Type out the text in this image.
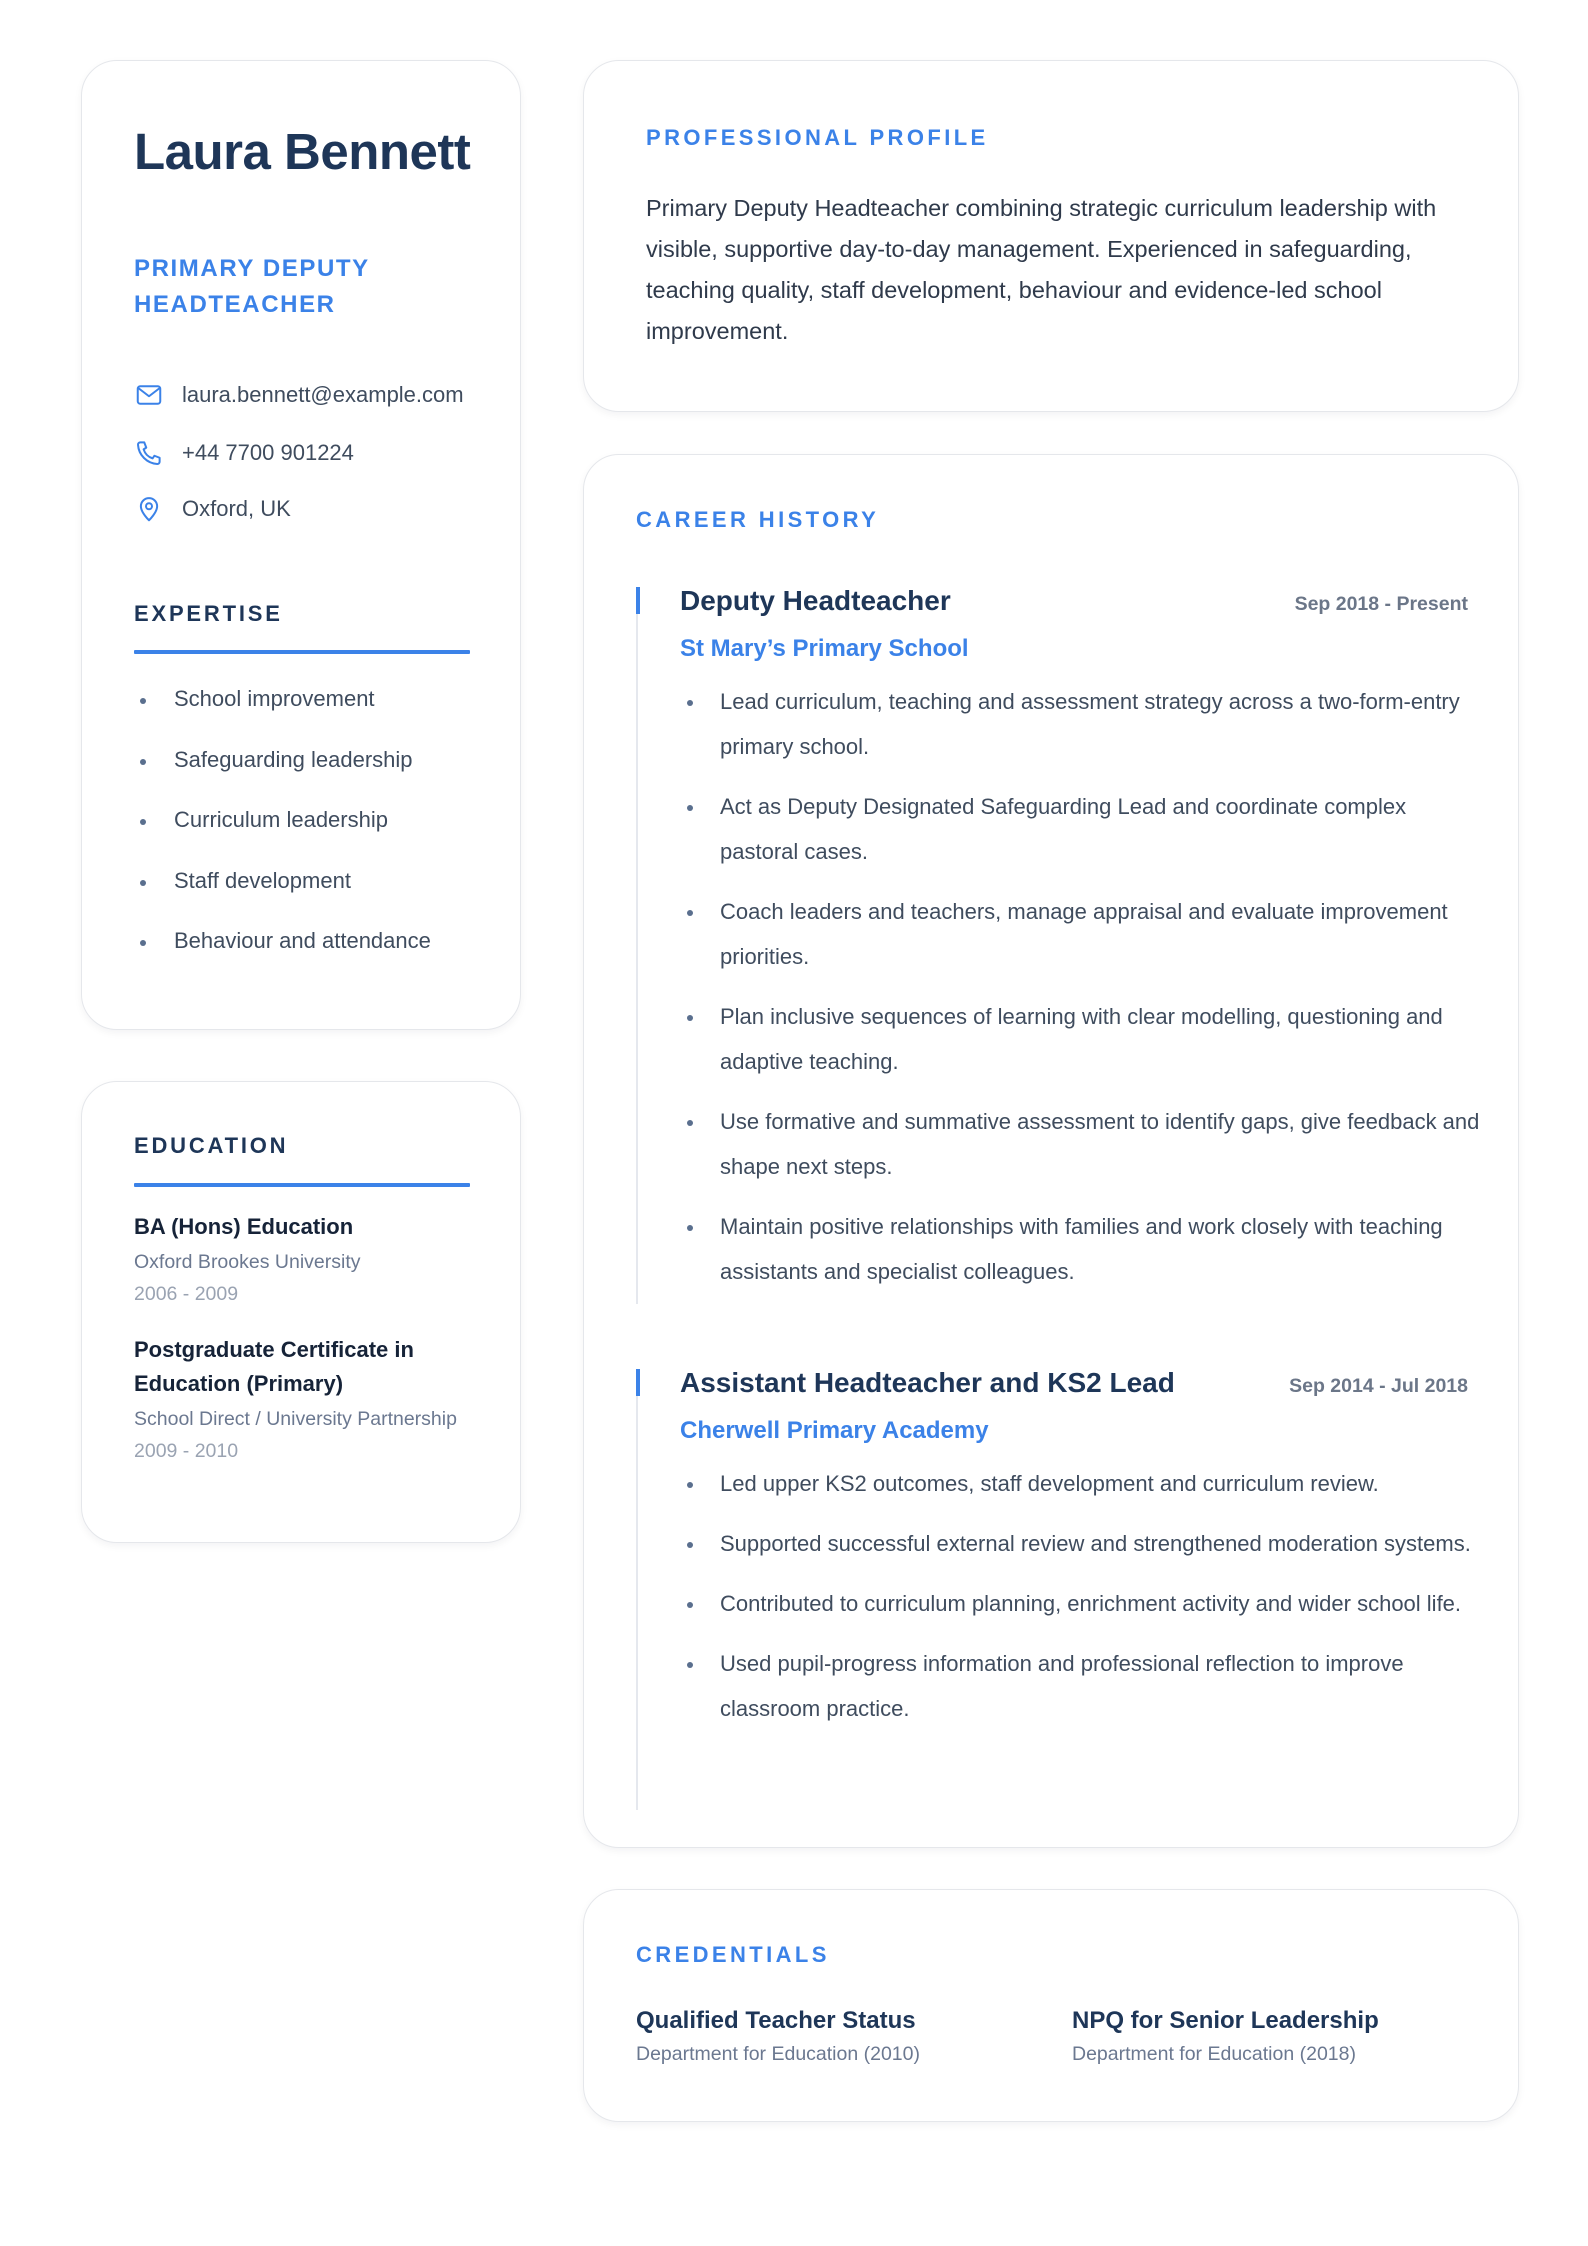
Laura Bennett
PRIMARY DEPUTY HEADTEACHER
laura.bennett@example.com
+44 7700 901224
Oxford, UK
EXPERTISE
School improvement
Safeguarding leadership
Curriculum leadership
Staff development
Behaviour and attendance
EDUCATION
BA (Hons) Education
Oxford Brookes University
2006 - 2009
Postgraduate Certificate in Education (Primary)
School Direct / University Partnership
2009 - 2010
PROFESSIONAL PROFILE

Primary Deputy Headteacher combining strategic curriculum leadership with visible, supportive day-to-day management. Experienced in safeguarding, teaching quality, staff development, behaviour and evidence-led school improvement.

CAREER HISTORY
Deputy Headteacher	Sep 2018 - Present
St Mary’s Primary School
Lead curriculum, teaching and assessment strategy across a two-form-entry primary school.
Act as Deputy Designated Safeguarding Lead and coordinate complex pastoral cases.
Coach leaders and teachers, manage appraisal and evaluate improvement priorities.
Plan inclusive sequences of learning with clear modelling, questioning and adaptive teaching.
Use formative and summative assessment to identify gaps, give feedback and shape next steps.
Maintain positive relationships with families and work closely with teaching assistants and specialist colleagues.
Assistant Headteacher and KS2 Lead	Sep 2014 - Jul 2018
Cherwell Primary Academy
Led upper KS2 outcomes, staff development and curriculum review.
Supported successful external review and strengthened moderation systems.
Contributed to curriculum planning, enrichment activity and wider school life.
Used pupil-progress information and professional reflection to improve classroom practice.
CREDENTIALS
Qualified Teacher Status
Department for Education (2010)
NPQ for Senior Leadership
Department for Education (2018)
